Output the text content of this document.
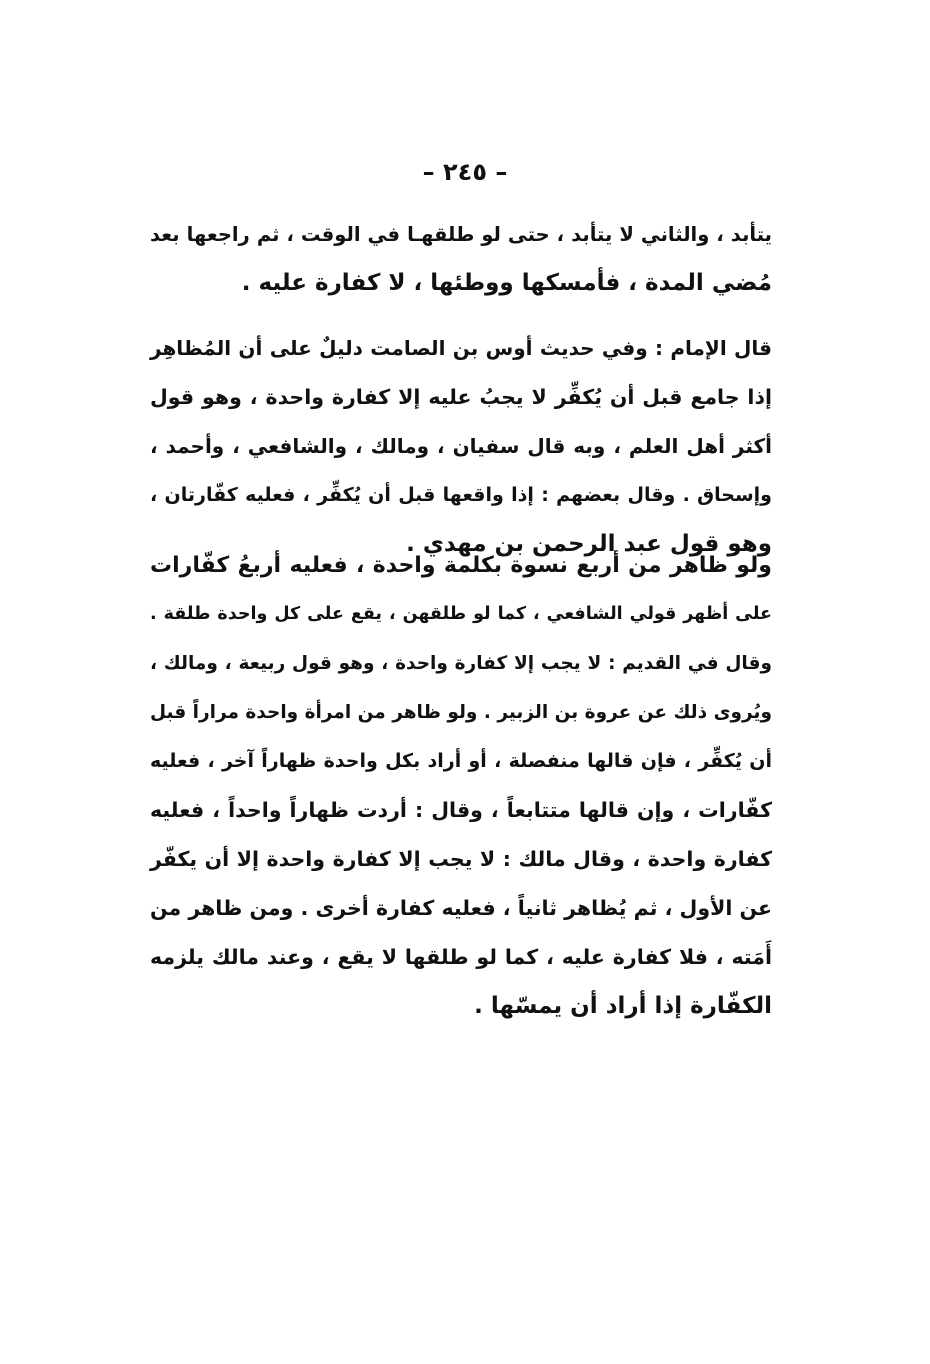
– ٢٤٥ –
يتأبد ، والثاني لا يتأبد ، حتى لو طلقهـا في الوقت ، ثم راجعها بعد
مُضي المدة ، فأمسكها ووطئها ، لا كفارة عليه .
قال الإمام : وفي حديث أوس بن الصامت دليلٌ على أن المُظاهِر
إذا جامع قبل أن يُكفِّر لا يجبُ عليه إلا كفارة واحدة ، وهو قول
أكثر أهل العلم ، وبه قال سفيان ، ومالك ، والشافعي ، وأحمد ،
وإسحاق . وقال بعضهم : إذا واقعها قبل أن يُكفِّر ، فعليه كفّارتان ،
وهو قول عبد الرحمن بن مهدي .
ولو ظاهر من أربع نسوة بكلمة واحدة ، فعليه أربعُ كفّارات
على أظهر قولي الشافعي ، كما لو طلقهن ، يقع على كل واحدة طلقة .
وقال في القديم : لا يجب إلا كفارة واحدة ، وهو قول ربيعة ، ومالك ،
ويُروى ذلك عن عروة بن الزبير . ولو ظاهر من امرأة واحدة مراراً قبل
أن يُكفِّر ، فإن قالها منفصلة ، أو أراد بكل واحدة ظهاراً آخر ، فعليه
كفّارات ، وإن قالها متتابعاً ، وقال : أردت ظهاراً واحداً ، فعليه
كفارة واحدة ، وقال مالك : لا يجب إلا كفارة واحدة إلا أن يكفّر
عن الأول ، ثم يُظاهر ثانياً ، فعليه كفارة أخرى . ومن ظاهر من
أَمَته ، فلا كفارة عليه ، كما لو طلقها لا يقع ، وعند مالك يلزمه
الكفّارة إذا أراد أن يمسّها .
